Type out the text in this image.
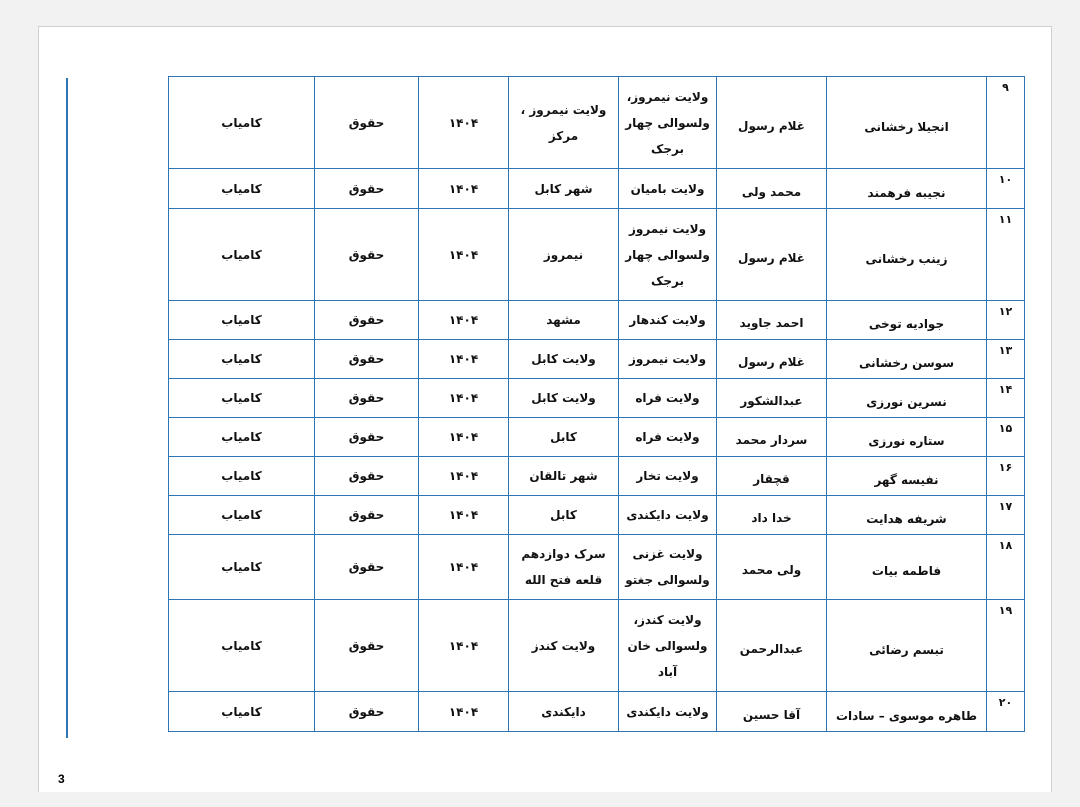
٩	انجیلا رخشانی	غلام رسول	ولایت نیمروز، ولسوالی چهار برجک	ولایت نیمروز ، مرکز	۱۴۰۴	حقوق	کامیاب
۱۰	نجیبه فرهمند	محمد ولی	ولایت بامیان	شهر کابل	۱۴۰۴	حقوق	کامیاب
۱۱	زینب رخشانی	غلام رسول	ولایت نیمروز ولسوالی چهار برجک	نیمروز	۱۴۰۴	حقوق	کامیاب
۱۲	جوادیه توخی	احمد جاوید	ولایت کندهار	مشهد	۱۴۰۴	حقوق	کامیاب
۱۳	سوسن رخشانی	غلام رسول	ولایت نیمروز	ولایت کابل	۱۴۰۴	حقوق	کامیاب
۱۴	نسرین نورزی	عبدالشکور	ولایت فراه	ولایت کابل	۱۴۰۴	حقوق	کامیاب
۱۵	ستاره نورزی	سردار محمد	ولایت فراه	کابل	۱۴۰۴	حقوق	کامیاب
۱۶	نفیسه گهر	قچقار	ولایت تخار	شهر تالقان	۱۴۰۴	حقوق	کامیاب
۱۷	شریفه هدایت	خدا داد	ولایت دایکندی	کابل	۱۴۰۴	حقوق	کامیاب
۱۸	فاطمه بیات	ولی محمد	ولایت غزنی ولسوالی جغتو	سرک دوازدهم قلعه فتح الله	۱۴۰۴	حقوق	کامیاب
۱۹	تبسم رضائی	عبدالرحمن	ولایت کندز، ولسوالی خان آباد	ولایت کندز	۱۴۰۴	حقوق	کامیاب
۲۰	طاهره موسوی – سادات	آقا حسین	ولایت دایکندی	دایکندی	۱۴۰۴	حقوق	کامیاب
3
